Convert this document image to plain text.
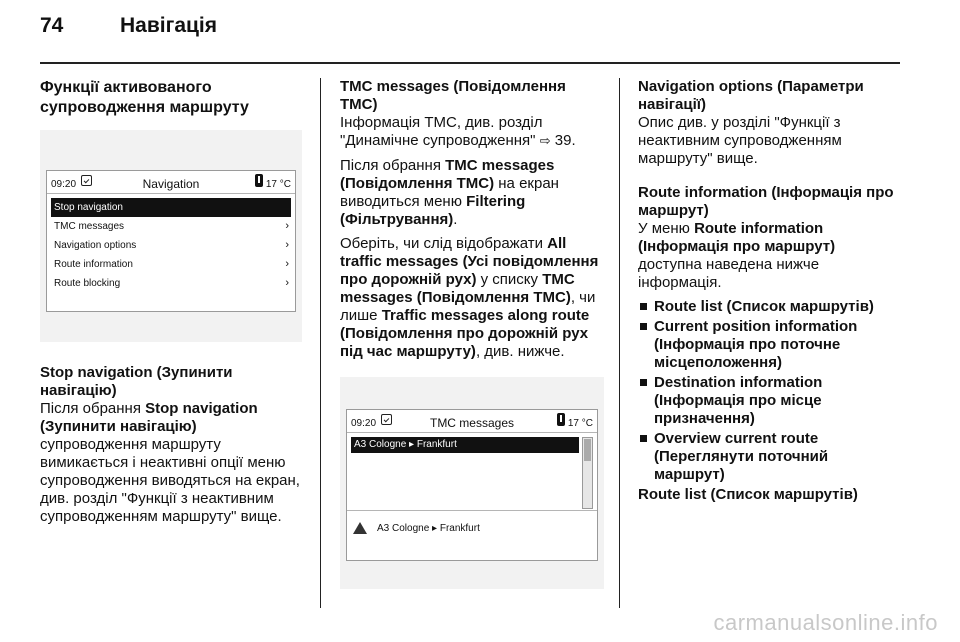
74	Навігація
Функції активованого супроводження маршруту
09:20	Navigation	17 °C
Stop navigation
TMC messages	›
Navigation options	›
Route information	›
Route blocking	›

Stop navigation (Зупинити навігацію)

Після обрання Stop navigation (Зупинити навігацію) супроводження маршруту вимикається і неактивні опції меню супроводження виводяться на екран, див. розділ "Функції з неактивним супроводженням маршруту" вище.

TMC messages (Повідомлення TMC)

Інформація TMC, див. розділ "Динамічне супроводження" ⇨ 39.

Після обрання TMC messages (Повідомлення TMC) на екран виводиться меню Filtering (Фільтрування).

Оберіть, чи слід відображати All traffic messages (Усі повідомлення про дорожній рух) у списку TMC messages (Повідомлення TMC), чи лише Traffic messages along route (Повідомлення про дорожній рух під час маршруту), див. нижче.

09:20	TMC messages	17 °C
A3 Cologne ▸ Frankfurt
A3 Cologne ▸ Frankfurt

Navigation options (Параметри навігації)

Опис див. у розділі "Функції з неактивним супроводженням маршруту" вище.

Route information (Інформація про маршрут)

У меню Route information (Інформація про маршрут) доступна наведена нижче інформація.

Route list (Список маршрутів)
Current position information (Інформація про поточне місцеположення)
Destination information (Інформація про місце призначення)
Overview current route (Переглянути поточний маршрут)

Route list (Список маршрутів)

carmanualsonline.info
